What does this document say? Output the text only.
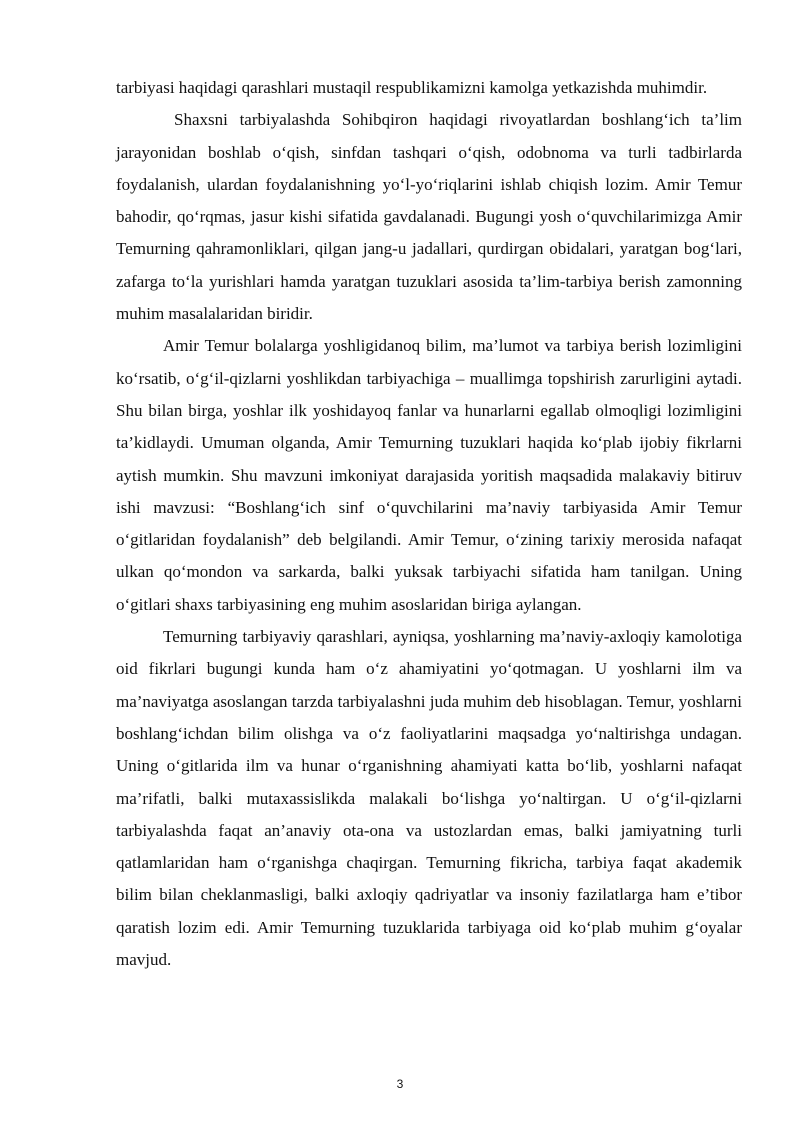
tarbiyasi haqidagi qarashlari mustaqil respublikamizni kamolga yetkazishda muhimdir.

Shaxsni tarbiyalashda Sohibqiron haqidagi rivoyatlardan boshlang‘ich ta’lim jarayonidan boshlab o‘qish, sinfdan tashqari o‘qish, odobnoma va turli tadbirlarda foydalanish, ulardan foydalanishning yo‘l-yo‘riqlarini ishlab chiqish lozim. Amir Temur bahodir, qo‘rqmas, jasur kishi sifatida gavdalanadi. Bugungi yosh o‘quvchilarimizga Amir Temurning qahramonliklari, qilgan jang-u jadallari, qurdirgan obidalari, yaratgan bog‘lari, zafarga to‘la yurishlari hamda yaratgan tuzuklari asosida ta’lim-tarbiya berish zamonning muhim masalalaridan biridir.

Amir Temur bolalarga yoshligidanoq bilim, ma’lumot va tarbiya berish lozimligini ko‘rsatib, o‘g‘il-qizlarni yoshlikdan tarbiyachiga – muallimga topshirish zarurligini aytadi. Shu bilan birga, yoshlar ilk yoshidayoq fanlar va hunarlarni egallab olmoqligi lozimligini ta’kidlaydi. Umuman olganda, Amir Temurning tuzuklari haqida ko‘plab ijobiy fikrlarni aytish mumkin. Shu mavzuni imkoniyat darajasida yoritish maqsadida malakaviy bitiruv ishi mavzusi: “Boshlang‘ich sinf o‘quvchilarini ma’naviy tarbiyasida Amir Temur o‘gitlaridan foydalanish” deb belgilandi. Amir Temur, o‘zining tarixiy merosida nafaqat ulkan qo‘mondon va sarkarda, balki yuksak tarbiyachi sifatida ham tanilgan. Uning o‘gitlari shaxs tarbiyasining eng muhim asoslaridan biriga aylangan.

Temurning tarbiyaviy qarashlari, ayniqsa, yoshlarning ma’naviy-axloqiy kamolotiga oid fikrlari bugungi kunda ham o‘z ahamiyatini yo‘qotmagan. U yoshlarni ilm va ma’naviyatga asoslangan tarzda tarbiyalashni juda muhim deb hisoblagan. Temur, yoshlarni boshlang‘ichdan bilim olishga va o‘z faoliyatlarini maqsadga yo‘naltirishga undagan. Uning o‘gitlarida ilm va hunar o‘rganishning ahamiyati katta bo‘lib, yoshlarni nafaqat ma’rifatli, balki mutaxassislikda malakali bo‘lishga yo‘naltirgan. U o‘g‘il-qizlarni tarbiyalashda faqat an’anaviy ota-ona va ustozlardan emas, balki jamiyatning turli qatlamlaridan ham o‘rganishga chaqirgan. Temurning fikricha, tarbiya faqat akademik bilim bilan cheklanmasligi, balki axloqiy qadriyatlar va insoniy fazilatlarga ham e’tibor qaratish lozim edi. Amir Temurning tuzuklarida tarbiyaga oid ko‘plab muhim g‘oyalar mavjud.

3
